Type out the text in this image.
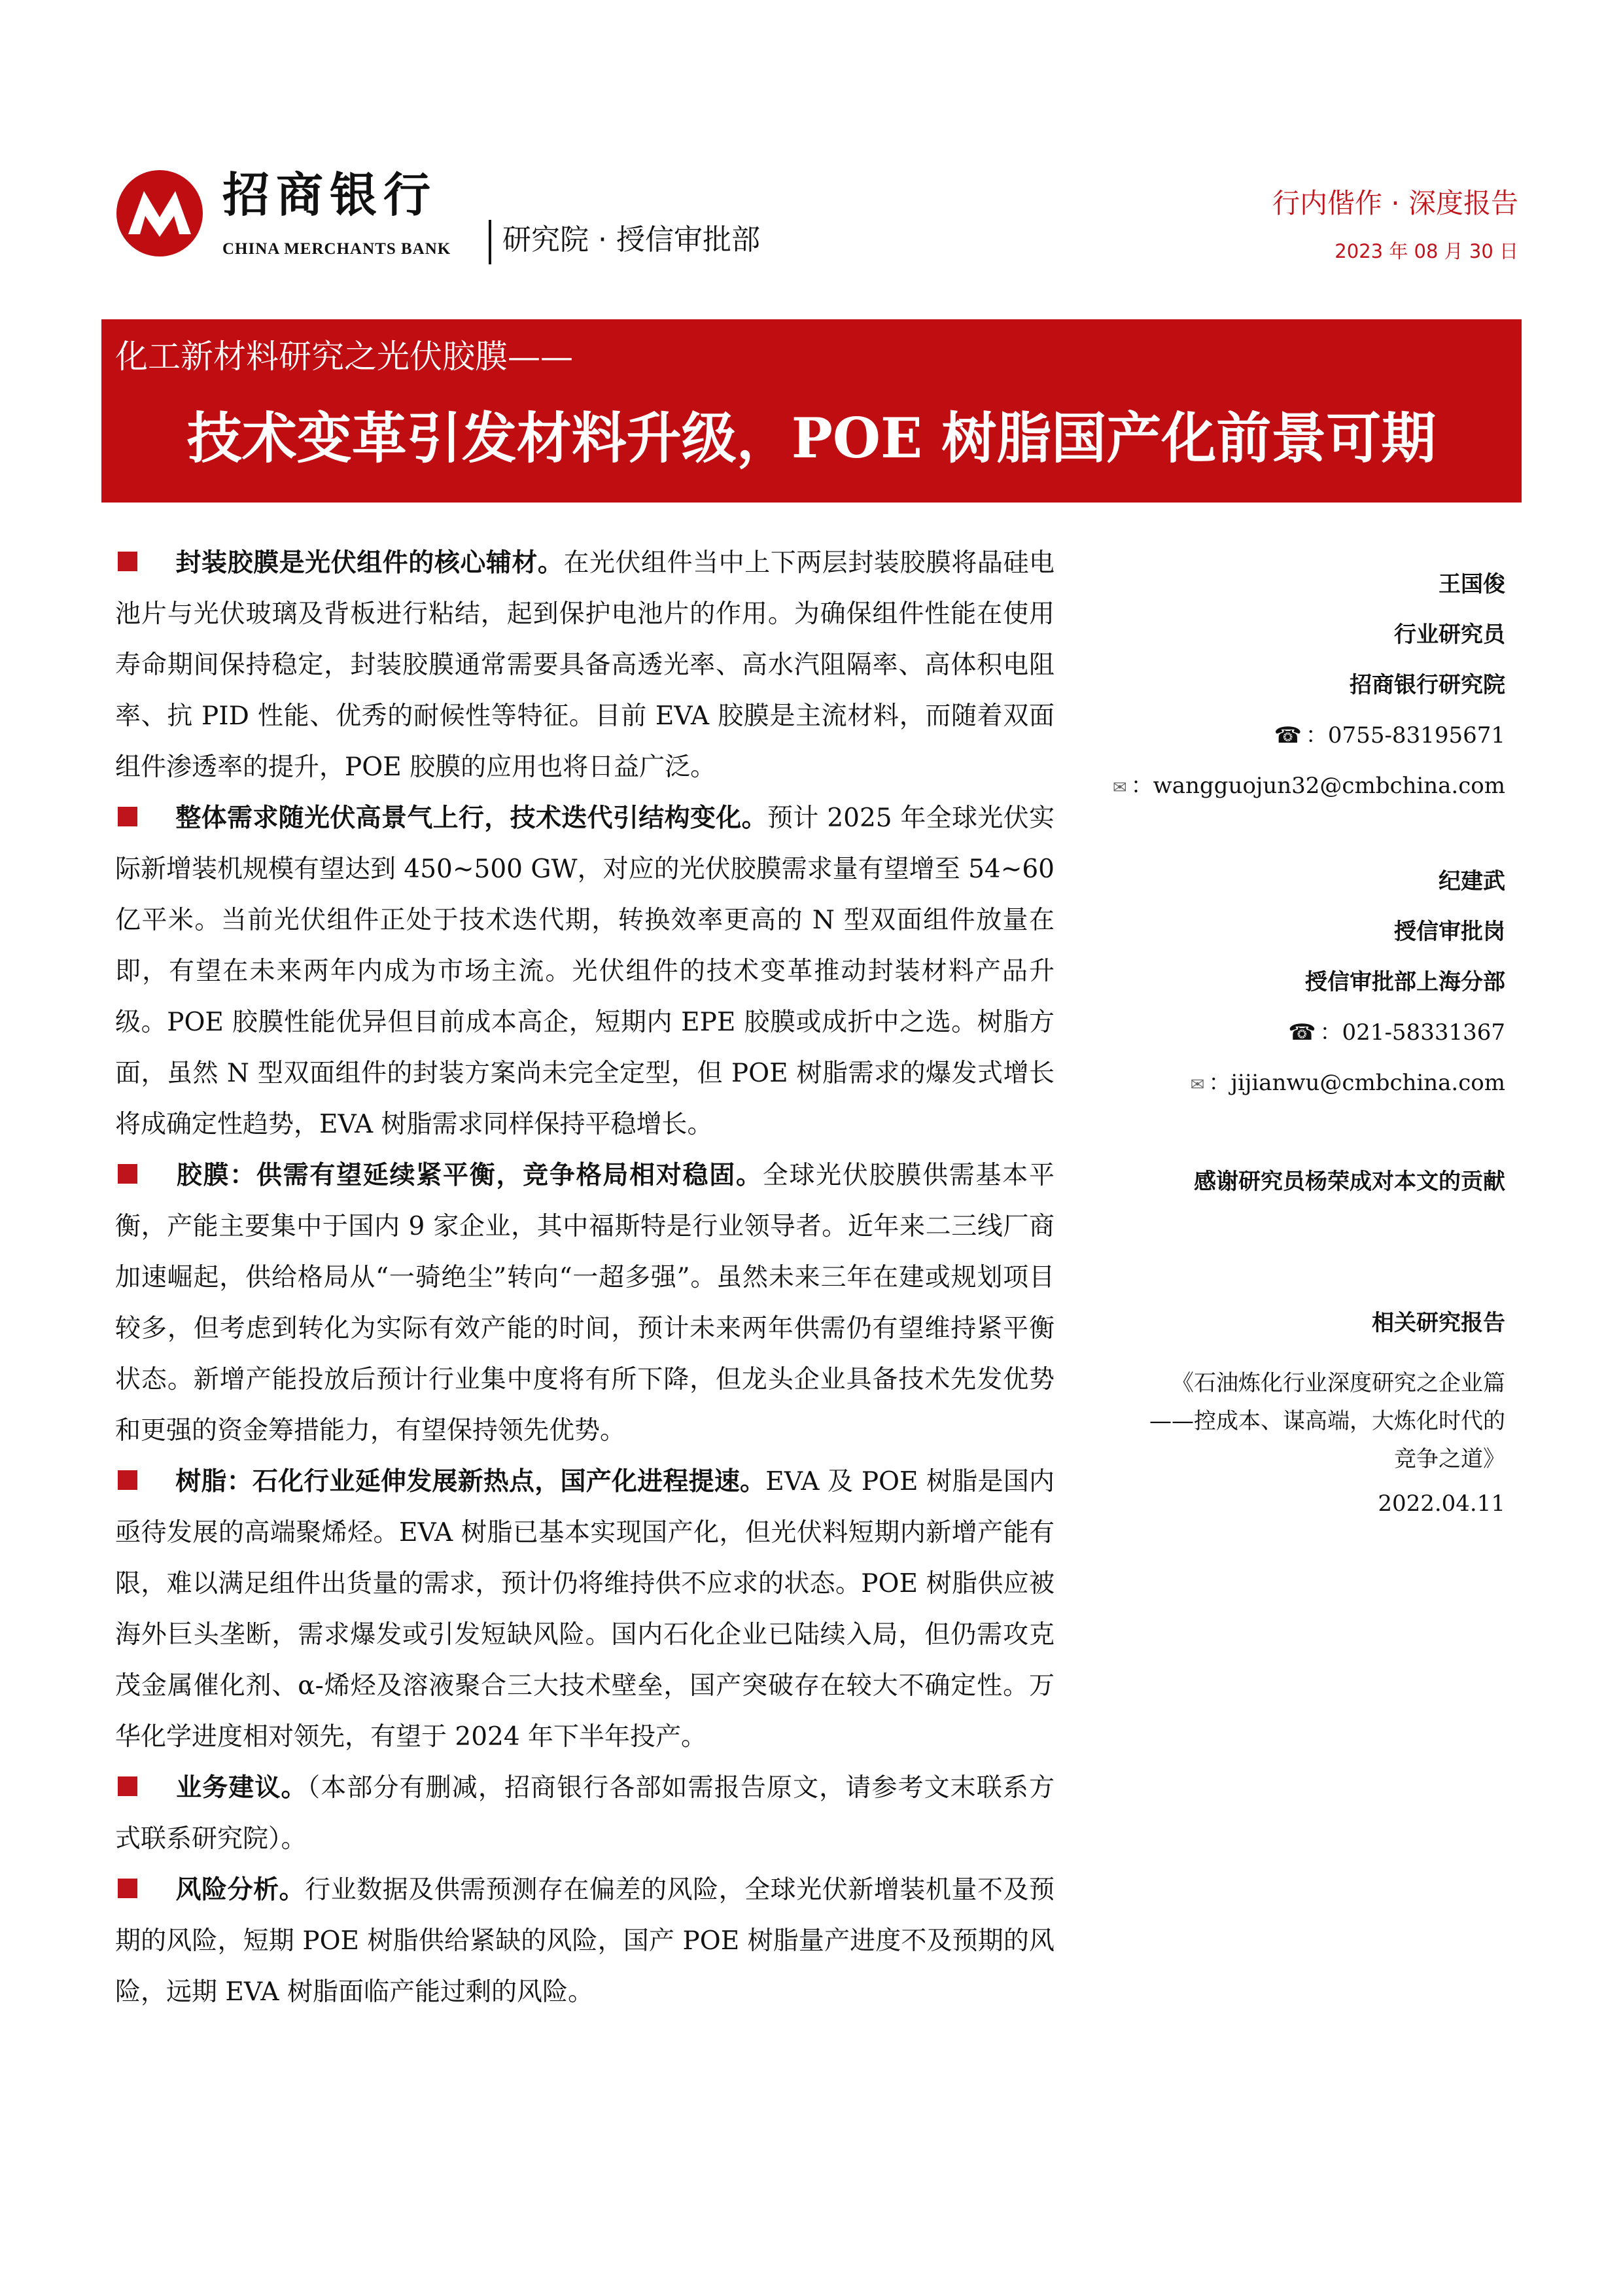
招商银行
CHINA MERCHANTS BANK 研究院 · 授信审批部
行内偕作 · 深度报告
2023 年 08 月 30 日
化工新材料研究之光伏胶膜——
技术变革引发材料升级，POE 树脂国产化前景可期
封装胶膜是光伏组件的核心辅材。在光伏组件当中上下两层封装胶膜将晶硅电池片与光伏玻璃及背板进行粘结，起到保护电池片的作用。为确保组件性能在使用寿命期间保持稳定，封装胶膜通常需要具备高透光率、高水汽阻隔率、高体积电阻率、抗 PID 性能、优秀的耐候性等特征。目前 EVA 胶膜是主流材料，而随着双面组件渗透率的提升，POE 胶膜的应用也将日益广泛。
整体需求随光伏高景气上行，技术迭代引结构变化。预计 2025 年全球光伏实际新增装机规模有望达到 450~500 GW，对应的光伏胶膜需求量有望增至 54~60 亿平米。当前光伏组件正处于技术迭代期，转换效率更高的 N 型双面组件放量在即，有望在未来两年内成为市场主流。光伏组件的技术变革推动封装材料产品升级。POE 胶膜性能优异但目前成本高企，短期内 EPE 胶膜或成折中之选。树脂方面，虽然 N 型双面组件的封装方案尚未完全定型，但 POE 树脂需求的爆发式增长将成确定性趋势，EVA 树脂需求同样保持平稳增长。
胶膜：供需有望延续紧平衡，竞争格局相对稳固。全球光伏胶膜供需基本平衡，产能主要集中于国内 9 家企业，其中福斯特是行业领导者。近年来二三线厂商加速崛起，供给格局从“一骑绝尘”转向“一超多强”。虽然未来三年在建或规划项目较多，但考虑到转化为实际有效产能的时间，预计未来两年供需仍有望维持紧平衡状态。新增产能投放后预计行业集中度将有所下降，但龙头企业具备技术先发优势和更强的资金筹措能力，有望保持领先优势。
树脂：石化行业延伸发展新热点，国产化进程提速。EVA 及 POE 树脂是国内亟待发展的高端聚烯烃。EVA 树脂已基本实现国产化，但光伏料短期内新增产能有限，难以满足组件出货量的需求，预计仍将维持供不应求的状态。POE 树脂供应被海外巨头垄断，需求爆发或引发短缺风险。国内石化企业已陆续入局，但仍需攻克茂金属催化剂、α-烯烃及溶液聚合三大技术壁垒，国产突破存在较大不确定性。万华化学进度相对领先，有望于 2024 年下半年投产。
业务建议。（本部分有删减，招商银行各部如需报告原文，请参考文末联系方式联系研究院）。
风险分析。行业数据及供需预测存在偏差的风险，全球光伏新增装机量不及预期的风险，短期 POE 树脂供给紧缺的风险，国产 POE 树脂量产进度不及预期的风险，远期 EVA 树脂面临产能过剩的风险。
王国俊
行业研究员
招商银行研究院
☎ ：0755-83195671
✉ ：wangguojun32@cmbchina.com
纪建武
授信审批岗
授信审批部上海分部
☎ ：021-58331367
✉ ：jijianwu@cmbchina.com
感谢研究员杨荣成对本文的贡献
相关研究报告
《石油炼化行业深度研究之企业篇——控成本、谋高端，大炼化时代的竞争之道》
2022.04.11
